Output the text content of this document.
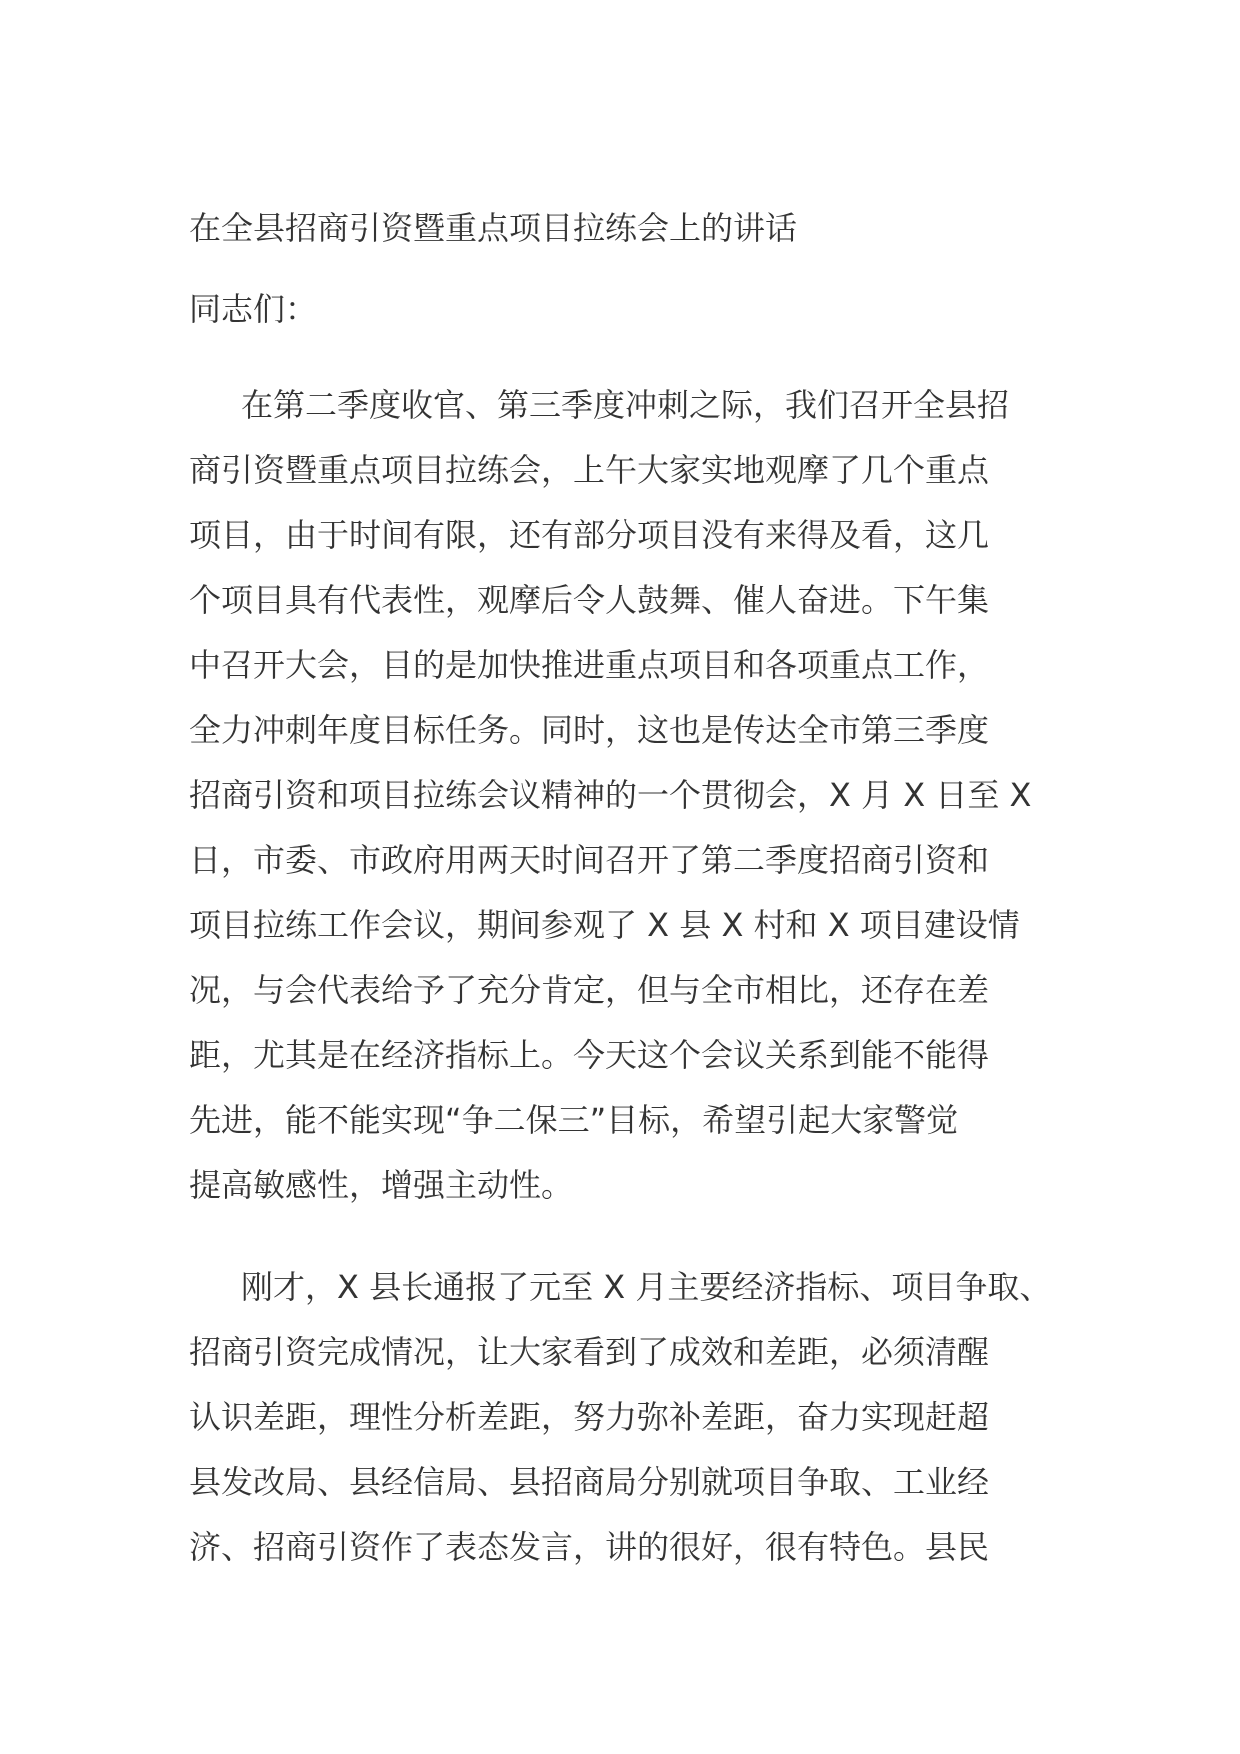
在全县招商引资暨重点项目拉练会上的讲话
同志们：
在第二季度收官、第三季度冲刺之际，我们召开全县招
商引资暨重点项目拉练会，上午大家实地观摩了几个重点
项目，由于时间有限，还有部分项目没有来得及看，这几
个项目具有代表性，观摩后令人鼓舞、催人奋进。下午集
中召开大会，目的是加快推进重点项目和各项重点工作，
全力冲刺年度目标任务。同时，这也是传达全市第三季度
招商引资和项目拉练会议精神的一个贯彻会，X 月 X 日至 X
日，市委、市政府用两天时间召开了第二季度招商引资和
项目拉练工作会议，期间参观了 X 县 X 村和 X 项目建设情
况，与会代表给予了充分肯定，但与全市相比，还存在差
距，尤其是在经济指标上。今天这个会议关系到能不能得
先进，能不能实现“争二保三”目标，希望引起大家警觉
提高敏感性，增强主动性。
刚才，X 县长通报了元至 X 月主要经济指标、项目争取、
招商引资完成情况，让大家看到了成效和差距，必须清醒
认识差距，理性分析差距，努力弥补差距，奋力实现赶超
县发改局、县经信局、县招商局分别就项目争取、工业经
济、招商引资作了表态发言，讲的很好，很有特色。县民
